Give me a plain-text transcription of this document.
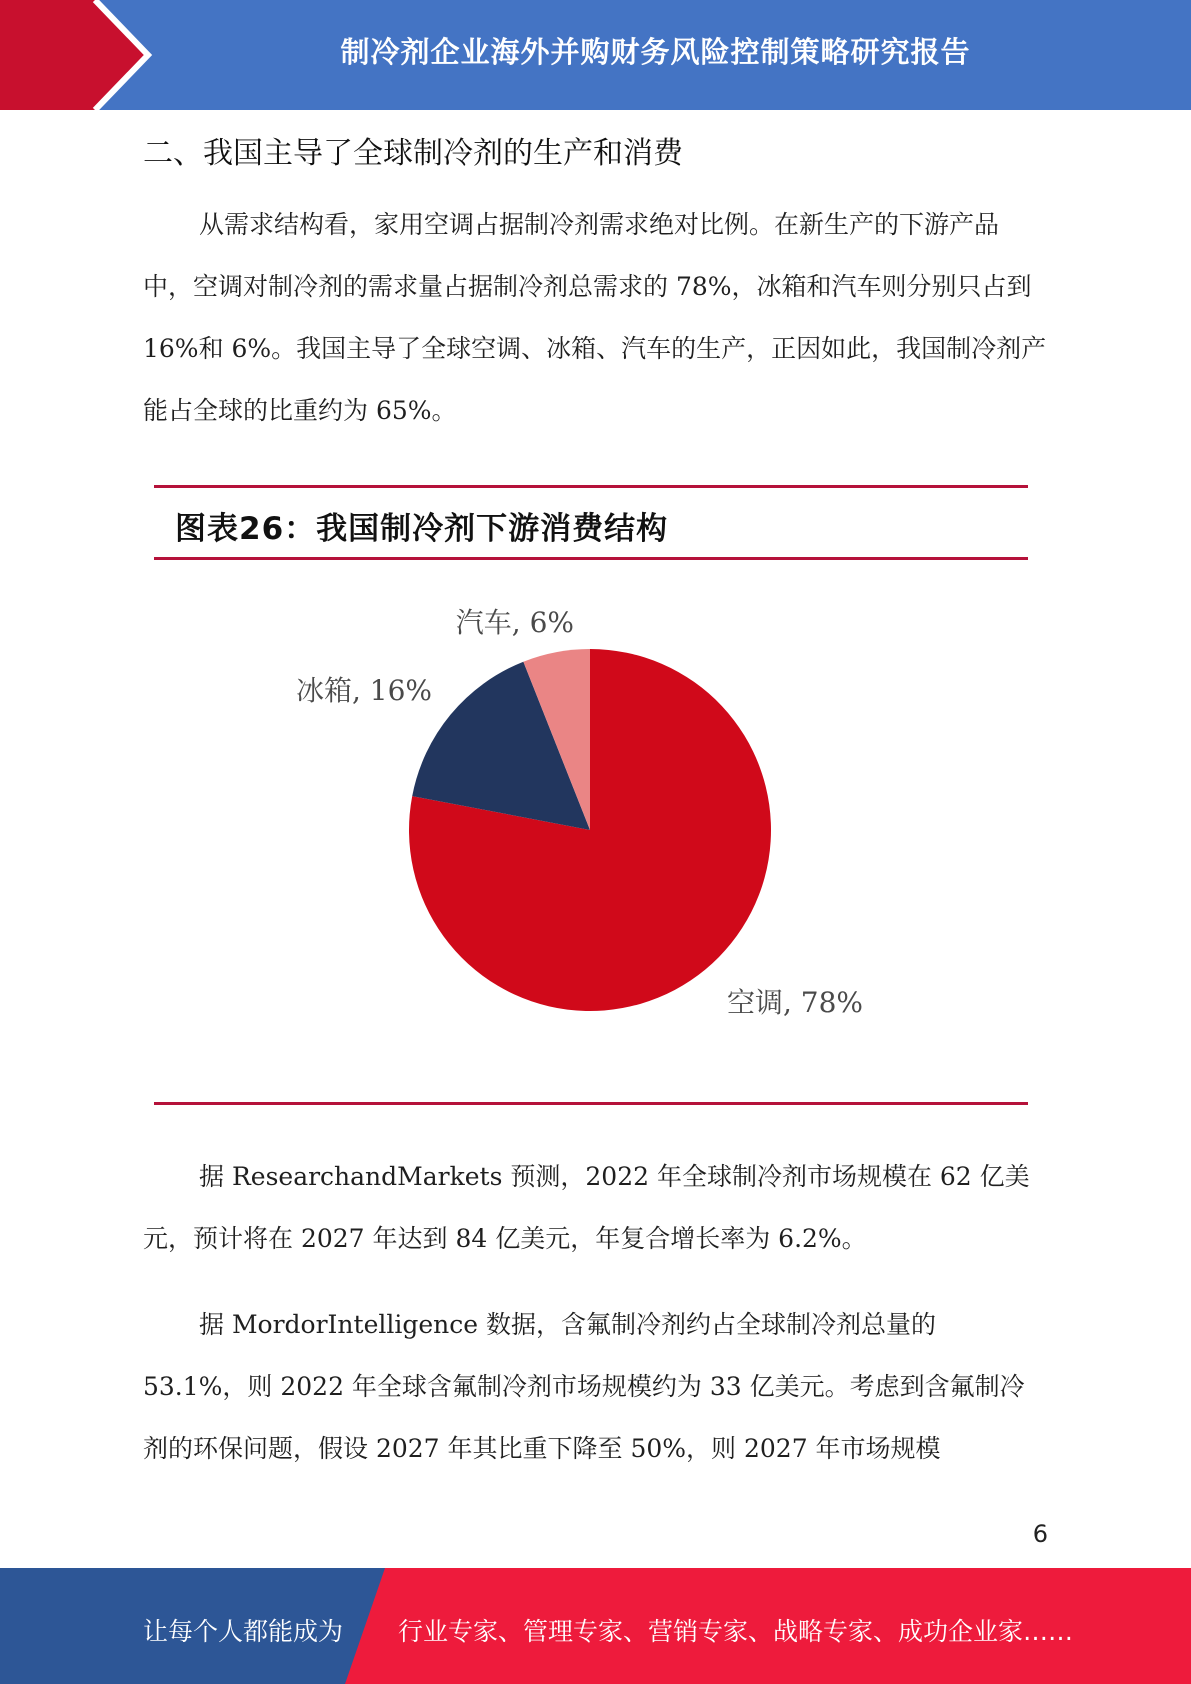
制冷剂企业海外并购财务风险控制策略研究报告
二、我国主导了全球制冷剂的生产和消费

从需求结构看，家用空调占据制冷剂需求绝对比例。在新生产的下游产品中，空调对制冷剂的需求量占据制冷剂总需求的 78%，冰箱和汽车则分别只占到 16%和 6%。我国主导了全球空调、冰箱、汽车的生产，正因如此，我国制冷剂产能占全球的比重约为 65%。

图表26：我国制冷剂下游消费结构
空调, 78%
冰箱, 16%
汽车, 6%

据 ResearchandMarkets 预测，2022 年全球制冷剂市场规模在 62 亿美元，预计将在 2027 年达到 84 亿美元，年复合增长率为 6.2%。

据 MordorIntelligence 数据，含氟制冷剂约占全球制冷剂总量的 53.1%，则 2022 年全球含氟制冷剂市场规模约为 33 亿美元。考虑到含氟制冷剂的环保问题，假设 2027 年其比重下降至 50%，则 2027 年市场规模

6
让每个人都能成为 行业专家、管理专家、营销专家、战略专家、成功企业家……
